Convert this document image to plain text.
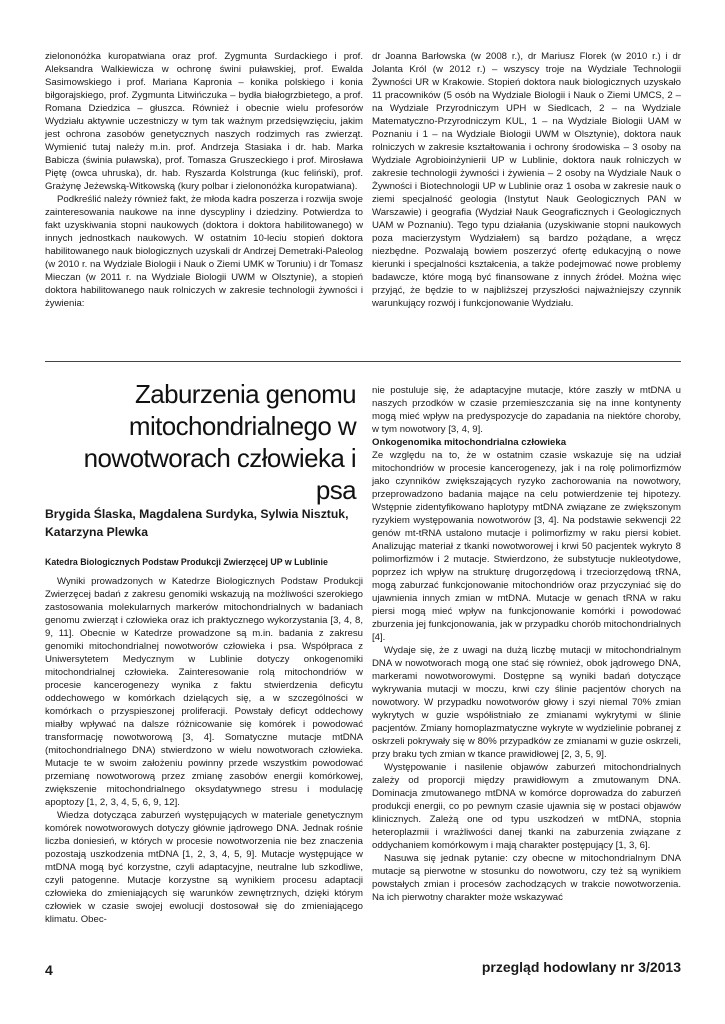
zielononóżka kuropatwiana oraz prof. Zygmunta Surdackiego i prof. Aleksandra Walkiewicza w ochronę świni puławskiej, prof. Ewalda Sasimowskiego i prof. Mariana Kapronia – konika polskiego i konia biłgorajskiego, prof. Zygmunta Litwińczuka – bydła białogrzbietego, a prof. Romana Dziedzica – głuszca. Również i obecnie wielu profesorów Wydziału aktywnie uczestniczy w tym tak ważnym przedsięwzięciu, jakim jest ochrona zasobów genetycznych naszych rodzimych ras zwierząt. Wymienić tutaj należy m.in. prof. Andrzeja Stasiaka i dr. hab. Marka Babicza (świnia puławska), prof. Tomasza Gruszeckiego i prof. Mirosława Piętę (owca uhruska), dr. hab. Ryszarda Kolstrunga (kuc feliński), prof. Grażynę Jeżewską-Witkowską (kury polbar i zielononóżka kuropatwiana).

Podkreślić należy również fakt, że młoda kadra poszerza i rozwija swoje zainteresowania naukowe na inne dyscypliny i dziedziny. Potwierdza to fakt uzyskiwania stopni naukowych (doktora i doktora habilitowanego) w innych jednostkach naukowych. W ostatnim 10-leciu stopień doktora habilitowanego nauk biologicznych uzyskali dr Andrzej Demetraki-Paleolog (w 2010 r. na Wydziale Biologii i Nauk o Ziemi UMK w Toruniu) i dr Tomasz Mieczan (w 2011 r. na Wydziale Biologii UWM w Olsztynie), a stopień doktora habilitowanego nauk rolniczych w zakresie technologii żywności i żywienia:

dr Joanna Barłowska (w 2008 r.), dr Mariusz Florek (w 2010 r.) i dr Jolanta Król (w 2012 r.) – wszyscy troje na Wydziale Technologii Żywności UR w Krakowie. Stopień doktora nauk biologicznych uzyskało 11 pracowników (5 osób na Wydziale Biologii i Nauk o Ziemi UMCS, 2 – na Wydziale Przyrodniczym UPH w Siedlcach, 2 – na Wydziale Matematyczno-Przyrodniczym KUL, 1 – na Wydziale Biologii UAM w Poznaniu i 1 – na Wydziale Biologii UWM w Olsztynie), doktora nauk rolniczych w zakresie kształtowania i ochrony środowiska – 3 osoby na Wydziale Agrobioinżynierii UP w Lublinie, doktora nauk rolniczych w zakresie technologii żywności i żywienia – 2 osoby na Wydziale Nauk o Żywności i Biotechnologii UP w Lublinie oraz 1 osoba w zakresie nauk o ziemi specjalność geologia (Instytut Nauk Geologicznych PAN w Warszawie) i geografia (Wydział Nauk Geograficznych i Geologicznych UAM w Poznaniu). Tego typu działania (uzyskiwanie stopni naukowych poza macierzystym Wydziałem) są bardzo pożądane, a wręcz niezbędne. Pozwalają bowiem poszerzyć ofertę edukacyjną o nowe kierunki i specjalności kształcenia, a także podejmować nowe problemy badawcze, które mogą być finansowane z innych źródeł. Można więc przyjąć, że będzie to w najbliższej przyszłości najważniejszy czynnik warunkujący rozwój i funkcjonowanie Wydziału.

Zaburzenia genomu
mitochondrialnego w
nowotworach człowieka i psa
Brygida Ślaska, Magdalena Surdyka, Sylwia Nisztuk, Katarzyna Plewka
Katedra Biologicznych Podstaw Produkcji Zwierzęcej UP w Lublinie

Wyniki prowadzonych w Katedrze Biologicznych Podstaw Produkcji Zwierzęcej badań z zakresu genomiki wskazują na możliwości szerokiego zastosowania molekularnych markerów mitochondrialnych w badaniach genomu zwierząt i człowieka oraz ich praktycznego wykorzystania [3, 4, 8, 9, 11]. Obecnie w Katedrze prowadzone są m.in. badania z zakresu genomiki mitochondrialnej nowotworów człowieka i psa. Współpraca z Uniwersytetem Medycznym w Lublinie dotyczy onkogenomiki mitochondrialnej człowieka. Zainteresowanie rolą mitochondriów w procesie kancerogenezy wynika z faktu stwierdzenia deficytu oddechowego w komórkach dzielących się, a w szczególności w komórkach o przyspieszonej proliferacji. Powstały deficyt oddechowy miałby wpływać na dalsze różnicowanie się komórek i powodować transformację nowotworową [3, 4]. Somatyczne mutacje mtDNA (mitochondrialnego DNA) stwierdzono w wielu nowotworach człowieka. Mutacje te w swoim założeniu powinny przede wszystkim powodować przemianę nowotworową przez zmianę zasobów energii komórkowej, zwiększenie mitochondrialnego oksydatywnego stresu i modulację apoptozy [1, 2, 3, 4, 5, 6, 9, 12].

Wiedza dotycząca zaburzeń występujących w materiale genetycznym komórek nowotworowych dotyczy głównie jądrowego DNA. Jednak rośnie liczba doniesień, w których w procesie nowotworzenia nie bez znaczenia pozostają uszkodzenia mtDNA [1, 2, 3, 4, 5, 9]. Mutacje występujące w mtDNA mogą być korzystne, czyli adaptacyjne, neutralne lub szkodliwe, czyli patogenne. Mutacje korzystne są wynikiem procesu adaptacji człowieka do zmieniających się warunków zewnętrznych, dzięki którym człowiek w czasie swojej ewolucji dostosował się do zmieniającego klimatu. Obec-

nie postuluje się, że adaptacyjne mutacje, które zaszły w mtDNA u naszych przodków w czasie przemieszczania się na inne kontynenty mogą mieć wpływ na predyspozycje do zapadania na niektóre choroby, w tym nowotwory [3, 4, 9].

Onkogenomika mitochondrialna człowieka

Ze względu na to, że w ostatnim czasie wskazuje się na udział mitochondriów w procesie kancerogenezy, jak i na rolę polimorfizmów jako czynników zwiększających ryzyko zachorowania na nowotwory, przeprowadzono badania mające na celu potwierdzenie tej hipotezy. Wstępnie zidentyfikowano haplotypy mtDNA związane ze zwiększonym ryzykiem występowania nowotworów [3, 4]. Na podstawie sekwencji 22 genów mt-tRNA ustalono mutacje i polimorfizmy w raku piersi kobiet. Analizując materiał z tkanki nowotworowej i krwi 50 pacjentek wykryto 8 polimorfizmów i 2 mutacje. Stwierdzono, że substytucje nukleotydowe, poprzez ich wpływ na strukturę drugorzędową i trzeciorzędową tRNA, mogą zaburzać funkcjonowanie mitochondriów oraz przyczyniać się do ujawnienia innych zmian w mtDNA. Mutacje w genach tRNA w raku piersi mogą mieć wpływ na funkcjonowanie komórki i powodować zburzenia jej funkcjonowania, jak w przypadku chorób mitochondrialnych [4].

Wydaje się, że z uwagi na dużą liczbę mutacji w mitochondrialnym DNA w nowotworach mogą one stać się również, obok jądrowego DNA, markerami nowotworowymi. Dostępne są wyniki badań dotyczące wykrywania mutacji w moczu, krwi czy ślinie pacjentów chorych na nowotwory. W przypadku nowotworów głowy i szyi niemal 70% zmian wykrytych w guzie współistniało ze zmianami wykrytymi w ślinie pacjentów. Zmiany homoplazmatyczne wykryte w wydzielinie pobranej z oskrzeli pokrywały się w 80% przypadków ze zmianami w guzie oskrzeli, przy braku tych zmian w tkance prawidłowej [2, 3, 5, 9].

Występowanie i nasilenie objawów zaburzeń mitochondrialnych zależy od proporcji między prawidłowym a zmutowanym DNA. Dominacja zmutowanego mtDNA w komórce doprowadza do zaburzeń produkcji energii, co po pewnym czasie ujawnia się w postaci objawów klinicznych. Zależą one od typu uszkodzeń w mtDNA, stopnia heteroplazmii i wrażliwości danej tkanki na zaburzenia związane z oddychaniem komórkowym i mają charakter postępujący [1, 3, 6].

Nasuwa się jednak pytanie: czy obecne w mitochondrialnym DNA mutacje są pierwotne w stosunku do nowotworu, czy też są wynikiem powstałych zmian i procesów zachodzących w trakcie nowotworzenia. Na ich pierwotny charakter może wskazywać

4	przegląd hodowlany nr 3/2013
